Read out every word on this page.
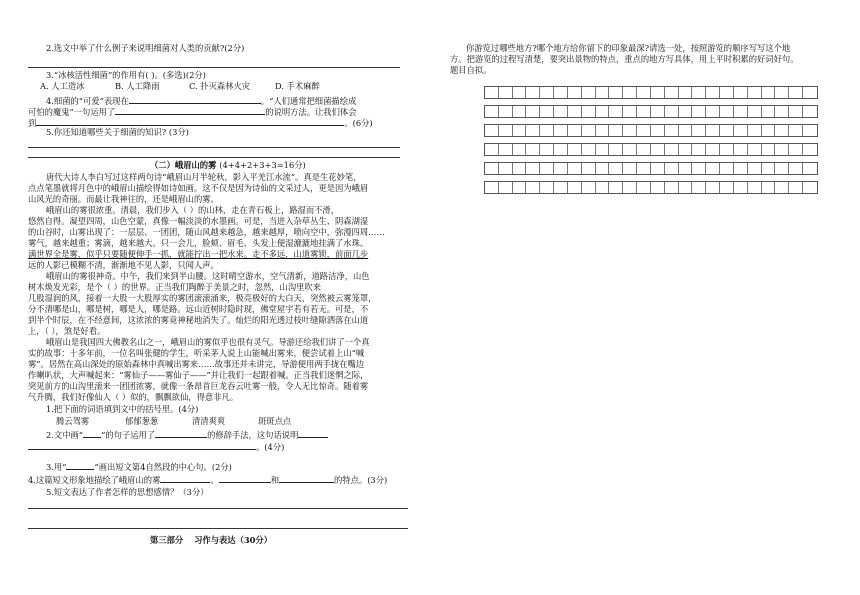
2.选文中举了什么例子来说明细菌对人类的贡献?(2分)
3.“冰核活性细菌”的作用有( )。(多选)(2分)
A. 人工造冰	B. 人工降雨	C. 扑灭森林火灾	D. 手术麻醉
4.细菌的“可爱”表现在	。“人们通常把细菌描绘成
可怕的魔鬼”一句运用了	的说明方法。让我们体会
到	。(6分)
5.你还知道哪些关于细菌的知识? (3分)
（二）峨眉山的雾 (4+4+2+3+3=16分)
唐代大诗人李白写过这样两句诗“峨眉山月半轮秋，影入平羌江水流”。真是生花妙笔，
点点笔墨就将月色中的峨眉山描绘得如诗如画。这不仅是因为诗仙的文采过人，更是因为峨眉
山风光的奇丽。而最让我神往的，还是峨眉山的雾。
峨眉山的雾很浓重。清晨，我们步入（ ）的山林，走在青石板上，路湿而不滑，
悠然自得。凝望四周，山色空蒙，真像一幅淡淡的水墨画。可是，当进入杂草丛生、阴森湖湿
的山谷时，山雾出现了：一层层、一团团，随山风越来越急，越来越厚，喷向空中，弥漫四周……
雾气，越来越重；雾滴，越来越大。只一会儿，脸颊、眉毛、头发上便湿漉漉地挂满了水珠。
满世界全是雾，似乎只要随便伸手一抓，就能拧出一把水来。走不多远，山道雾锁，前面几步
远的人影已模糊不清，渐渐地不见人影，只闻人声。
峨眉山的雾很神奇。中午，我们来到半山腰。这时晴空游水，空气清新，道路洁净，山色
树木焕发光彩，是个（ ）的世界。正当我们陶醉于美景之时，忽然，山沟里吹来
几股湿润的风，接着一大股一大股厚实的雾团滚滚涌来，极亮极好的大白天，突然被云雾笼罩，
分不清哪是山，哪是树，哪是人，哪是路。远山近树时隐时现，佛堂屋宇若有若无。可是，不
到半个时辰，在不经意间，这浓浓的雾竟神秘地消失了。灿烂的阳光透过枝叶缝隙洒落在山道
上，（ ），煞是好看。
峨眉山是我国四大佛教名山之一，峨眉山的雾似乎也很有灵气。导游还给我们讲了一个真
实的故事：十多年前，一位名叫张健的学生，听采茅人说上山能喊出雾来，便尝试着上山“喊
雾”。居然在高山深处的原始森林中真喊出雾来……故事还并未讲完，导游便用两手拢在嘴边
作喇叭状，大声喊起来：“雾仙子——雾仙子——”并让我们一起跟着喊。正当我们迷惘之际，
突见前方的山沟里滚来一团团浓雾，就像一条昂首巨龙吞云吐雾一般，令人无比惊奇。随着雾
气升腾，我们好像仙人（ ）似的，飘飘欲仙，得意非凡。
1.把下面的词语填到文中的括号里。(4分)
腾云驾雾	郁郁葱葱	清清爽爽	斑斑点点
2.文中画“ ”的句子运用了	的修辞手法，这句话说明
。(4分)
3.用“	”画出短文第4自然段的中心句。(2分)
4.这篇短文形象地描绘了峨眉山的雾	、	和	的特点。(3分)
5.短文表达了作者怎样的思想感情？（3分）
第三部分 习作与表达（30分）
你游览过哪些地方?哪个地方给你留下的印象最深?请选一处，按照游览的顺序写写这个地
方。把游览的过程写清楚，要突出景物的特点，重点的地方写具体，用上平时积累的好词好句。
题目自拟。
